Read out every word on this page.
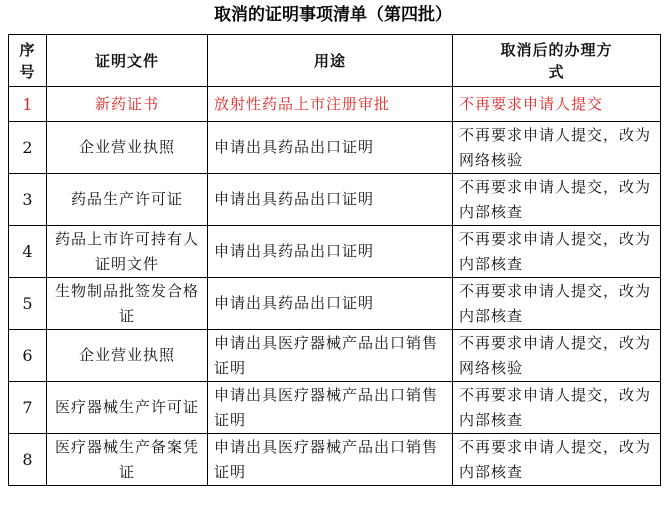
取消的证明事项清单（第四批）
序号	证明文件	用途	取消后的办理方式
1	新药证书	放射性药品上市注册审批	不再要求申请人提交
2	企业营业执照	申请出具药品出口证明	不再要求申请人提交，改为网络核验
3	药品生产许可证	申请出具药品出口证明	不再要求申请人提交，改为内部核查
4	药品上市许可持有人证明文件	申请出具药品出口证明	不再要求申请人提交，改为内部核查
5	生物制品批签发合格证	申请出具药品出口证明	不再要求申请人提交，改为内部核查
6	企业营业执照	申请出具医疗器械产品出口销售证明	不再要求申请人提交，改为网络核验
7	医疗器械生产许可证	申请出具医疗器械产品出口销售证明	不再要求申请人提交，改为内部核查
8	医疗器械生产备案凭证	申请出具医疗器械产品出口销售证明	不再要求申请人提交，改为内部核查
